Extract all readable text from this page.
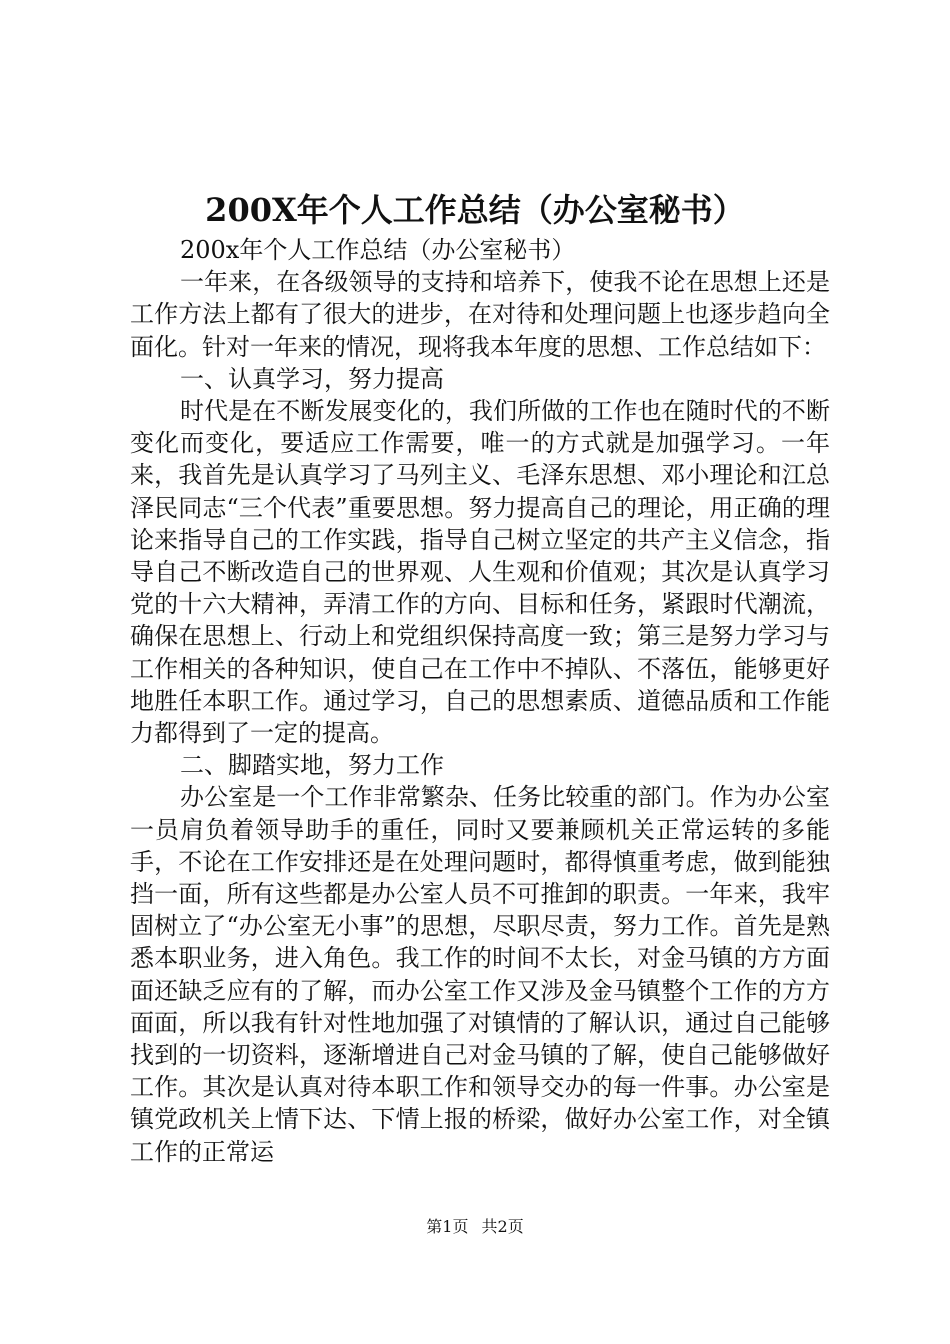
200X年个人工作总结（办公室秘书）

200x年个人工作总结（办公室秘书）

一年来，在各级领导的支持和培养下，使我不论在思想上还是工作方法上都有了很大的进步，在对待和处理问题上也逐步趋向全面化。针对一年来的情况，现将我本年度的思想、工作总结如下：

一、认真学习，努力提高

时代是在不断发展变化的，我们所做的工作也在随时代的不断变化而变化，要适应工作需要，唯一的方式就是加强学习。一年来，我首先是认真学习了马列主义、毛泽东思想、邓小理论和江总泽民同志“三个代表”重要思想。努力提高自己的理论，用正确的理论来指导自己的工作实践，指导自己树立坚定的共产主义信念，指导自己不断改造自己的世界观、人生观和价值观；其次是认真学习党的十六大精神，弄清工作的方向、目标和任务，紧跟时代潮流，确保在思想上、行动上和党组织保持高度一致；第三是努力学习与工作相关的各种知识，使自己在工作中不掉队、不落伍，能够更好地胜任本职工作。通过学习，自己的思想素质、道德品质和工作能力都得到了一定的提高。

二、脚踏实地，努力工作

办公室是一个工作非常繁杂、任务比较重的部门。作为办公室一员肩负着领导助手的重任，同时又要兼顾机关正常运转的多能手，不论在工作安排还是在处理问题时，都得慎重考虑，做到能独挡一面，所有这些都是办公室人员不可推卸的职责。一年来，我牢固树立了“办公室无小事”的思想，尽职尽责，努力工作。首先是熟悉本职业务，进入角色。我工作的时间不太长，对金马镇的方方面面还缺乏应有的了解，而办公室工作又涉及金马镇整个工作的方方面面，所以我有针对性地加强了对镇情的了解认识，通过自己能够找到的一切资料，逐渐增进自己对金马镇的了解，使自己能够做好工作。其次是认真对待本职工作和领导交办的每一件事。办公室是镇党政机关上情下达、下情上报的桥梁，做好办公室工作，对全镇工作的正常运

第1页 共2页
